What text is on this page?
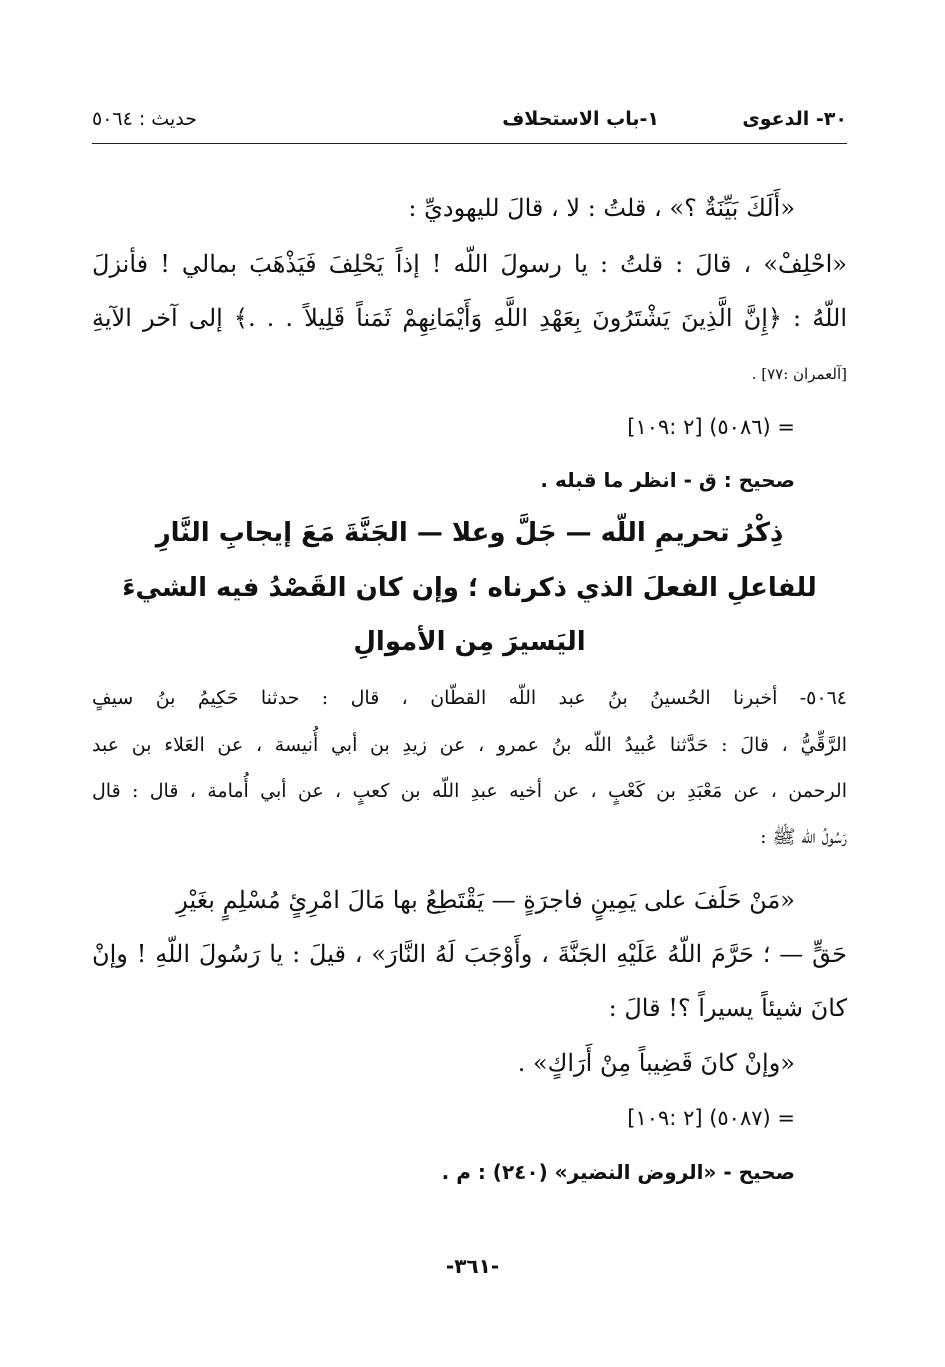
٣٠- الدعوى
١-باب الاستحلاف
حديث : ٥٠٦٤
«أَلَكَ بَيِّنَةٌ ؟» ، قلتُ : لا ، قالَ لليهوديِّ :
«احْلِفْ» ، قالَ : قلتُ : يا رسولَ اللّه ! إذاً يَحْلِفَ فَيَذْهَبَ بمالي ! فأنزلَ
اللّهُ : ﴿إِنَّ الَّذِينَ يَشْتَرُونَ بِعَهْدِ اللَّهِ وَأَيْمَانِهِمْ ثَمَناً قَلِيلاً . . .﴾ إلى آخر الآيةِ
[آلعمران :٧٧] .
= (٥٠٨٦) [٢ :١٠٩]
صحيح : ق - انظر ما قبله .
ذِكْرُ تحريمِ اللّه — جَلَّ وعلا — الجَنَّةَ مَعَ إيجابِ النَّارِ
للفاعلِ الفعلَ الذي ذكرناه ؛ وإن كان القَصْدُ فيه الشيءَ
اليَسيرَ مِن الأموالِ
٥٠٦٤- أخبرنا الحُسينُ بنُ عبد اللّه القطّان ، قال : حدثنا حَكِيمُ بنُ سيفٍ
الرَّقِّيُّ ، قالَ : حَدَّثنا عُبيدُ اللّه بنُ عمرو ، عن زيدِ بن أبي أُنيسة ، عن العَلاء بن عبد
الرحمن ، عن مَعْبَدِ بن كَعْبٍ ، عن أخيه عبدِ اللّه بن كعبٍ ، عن أبي أُمامة ، قال : قال
رَسُولُ اللّه ﷺ :
«مَنْ حَلَفَ على يَمِينٍ فاجرَةٍ — يَقْتَطِعُ بها مَالَ امْرِئٍ مُسْلِمٍ بغَيْرِ
حَقٍّ — ؛ حَرَّمَ اللّهُ عَلَيْهِ الجَنَّةَ ، وأَوْجَبَ لَهُ النَّارَ» ، قيلَ : يا رَسُولَ اللّهِ ! وإنْ
كانَ شيئاً يسيراً ؟! قالَ :
«وإنْ كانَ قَضِيباً مِنْ أَرَاكٍ» .
= (٥٠٨٧) [٢ :١٠٩]
صحيح - «الروض النضير» (٢٤٠) : م .
-٣٦١-
